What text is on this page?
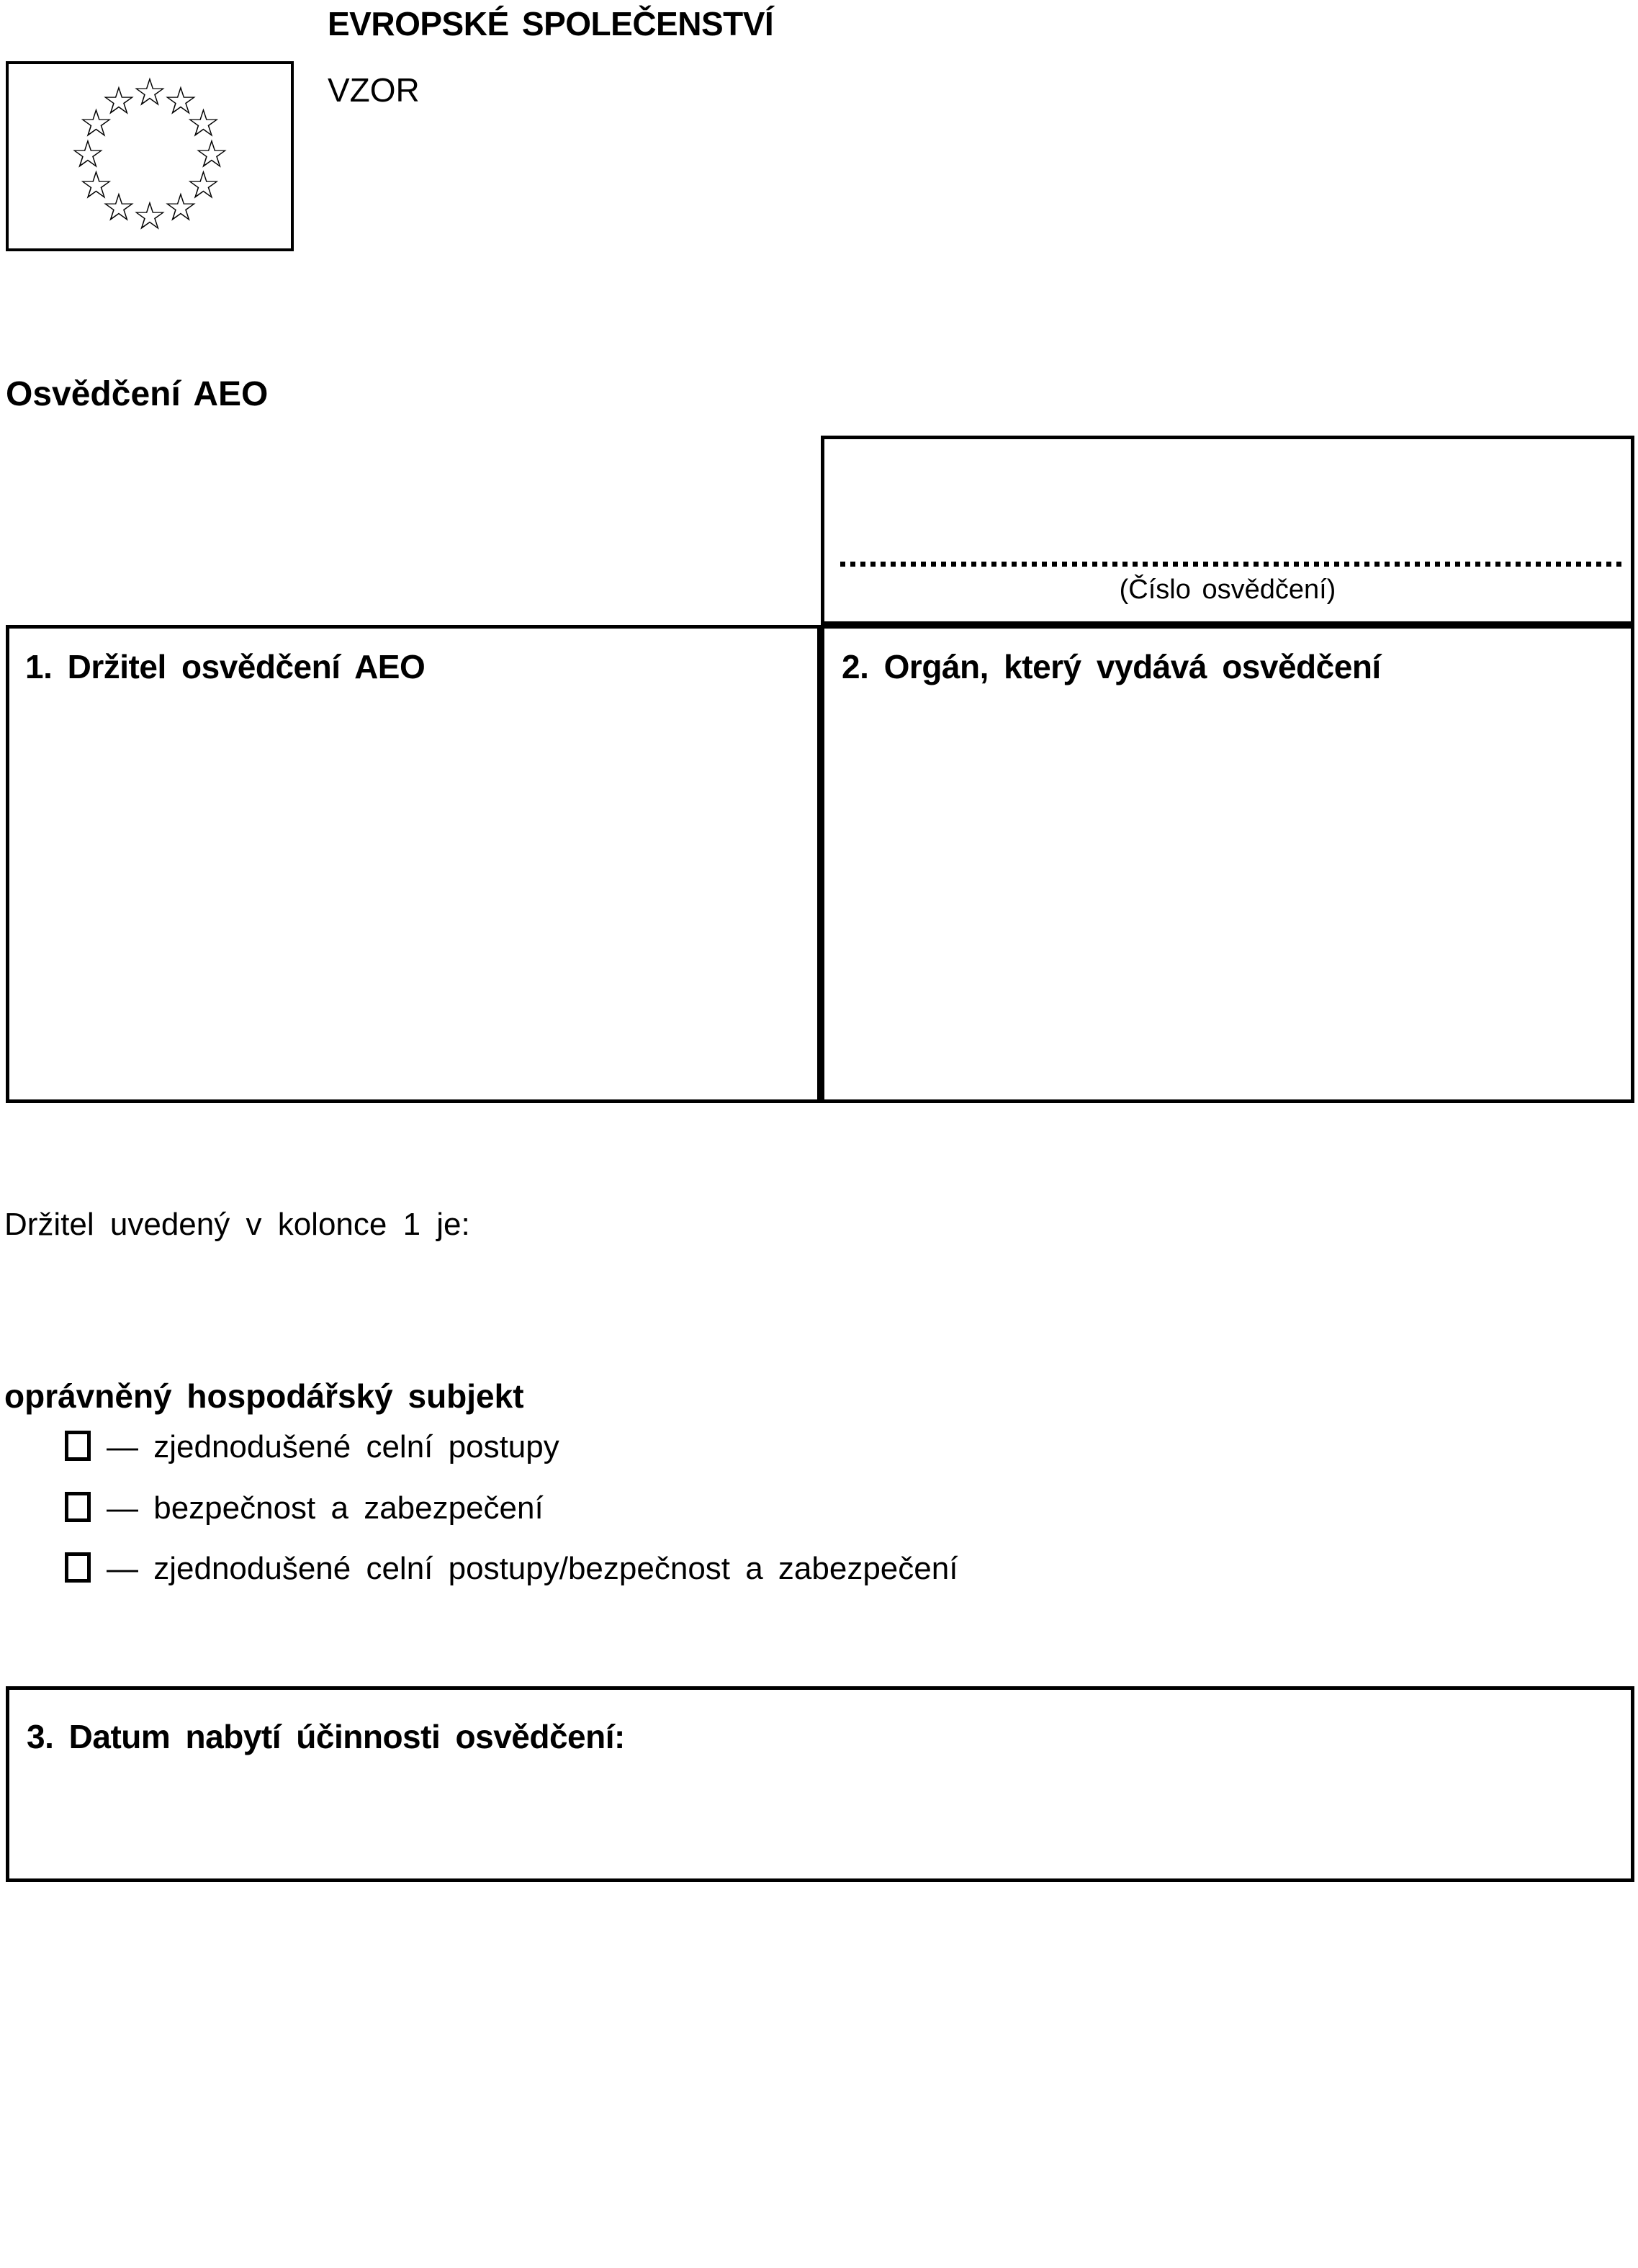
☆
☆
☆
☆
☆
☆
☆
☆
☆
☆
☆
☆
EVROPSKÉ SPOLEČENSTVÍ
VZOR
Osvědčení AEO
(Číslo osvědčení)
1. Držitel osvědčení AEO	2. Orgán, který vydává osvědčení
Držitel uvedený v kolonce 1 je:
oprávněný hospodářský subjekt
— zjednodušené celní postupy
— bezpečnost a zabezpečení
— zjednodušené celní postupy/bezpečnost a zabezpečení
3. Datum nabytí účinnosti osvědčení:
